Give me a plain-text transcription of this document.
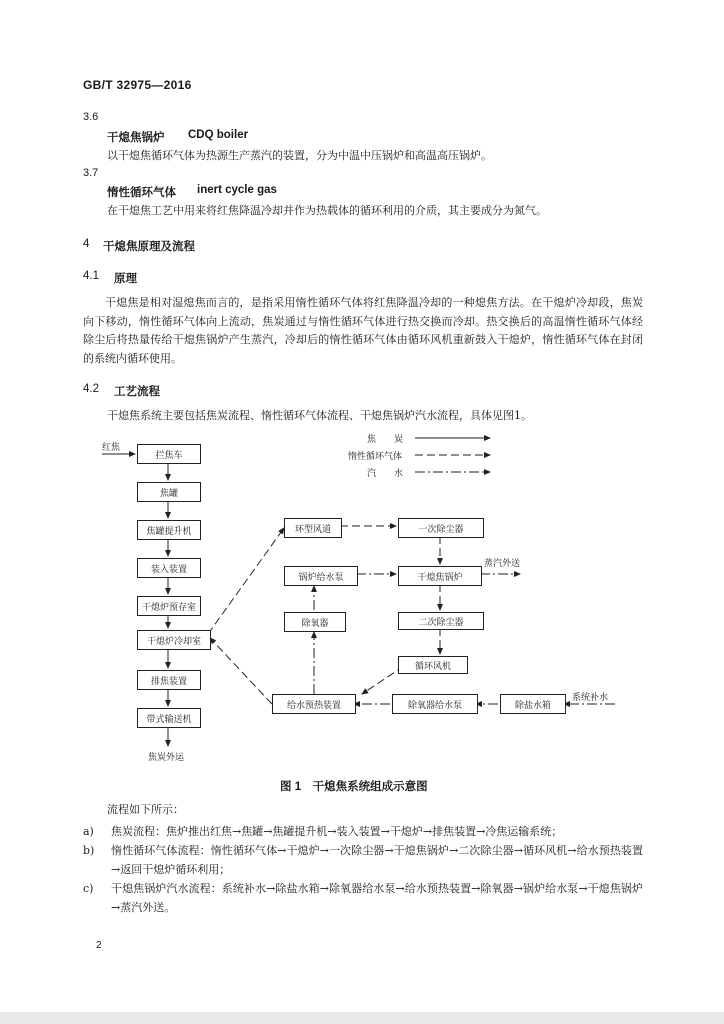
GB/T 32975—2016
3.6
干熄焦锅炉 CDQ boiler
以干熄焦循环气体为热源生产蒸汽的装置，分为中温中压锅炉和高温高压锅炉。
3.7
惰性循环气体 inert cycle gas
在干熄焦工艺中用来将红焦降温冷却并作为热载体的循环利用的介质，其主要成分为氮气。
4 干熄焦原理及流程
4.1 原理
干熄焦是相对湿熄焦而言的，是指采用惰性循环气体将红焦降温冷却的一种熄焦方法。在干熄炉冷却段，焦炭向下移动，惰性循环气体向上流动，焦炭通过与惰性循环气体进行热交换而冷却。热交换后的高温惰性循环气体经除尘后将热量传给干熄焦锅炉产生蒸汽，冷却后的惰性循环气体由循环风机重新鼓入干熄炉，惰性循环气体在封闭的系统内循环使用。
4.2 工艺流程
干熄焦系统主要包括焦炭流程、惰性循环气体流程、干熄焦锅炉汽水流程，具体见图1。
焦　　炭
惰性循环气体
汽　　水
红焦
蒸汽外送
系统补水
焦炭外运
拦焦车
焦罐
焦罐提升机
装入装置
干熄炉预存室
干熄炉冷却室
排焦装置
带式输送机
环型风道	一次除尘器
锅炉给水泵	干熄焦锅炉
除氧器	二次除尘器
循环风机
给水预热装置	除氧器给水泵	除盐水箱
图 1　干熄焦系统组成示意图
流程如下所示：
a)	焦炭流程：焦炉推出红焦→焦罐→焦罐提升机→装入装置→干熄炉→排焦装置→冷焦运输系统；
b)	惰性循环气体流程：惰性循环气体→干熄炉→一次除尘器→干熄焦锅炉→二次除尘器→循环风机→给水预热装置→返回干熄炉循环利用；
c)	干熄焦锅炉汽水流程：系统补水→除盐水箱→除氧器给水泵→给水预热装置→除氧器→锅炉给水泵→干熄焦锅炉→蒸汽外送。
2
